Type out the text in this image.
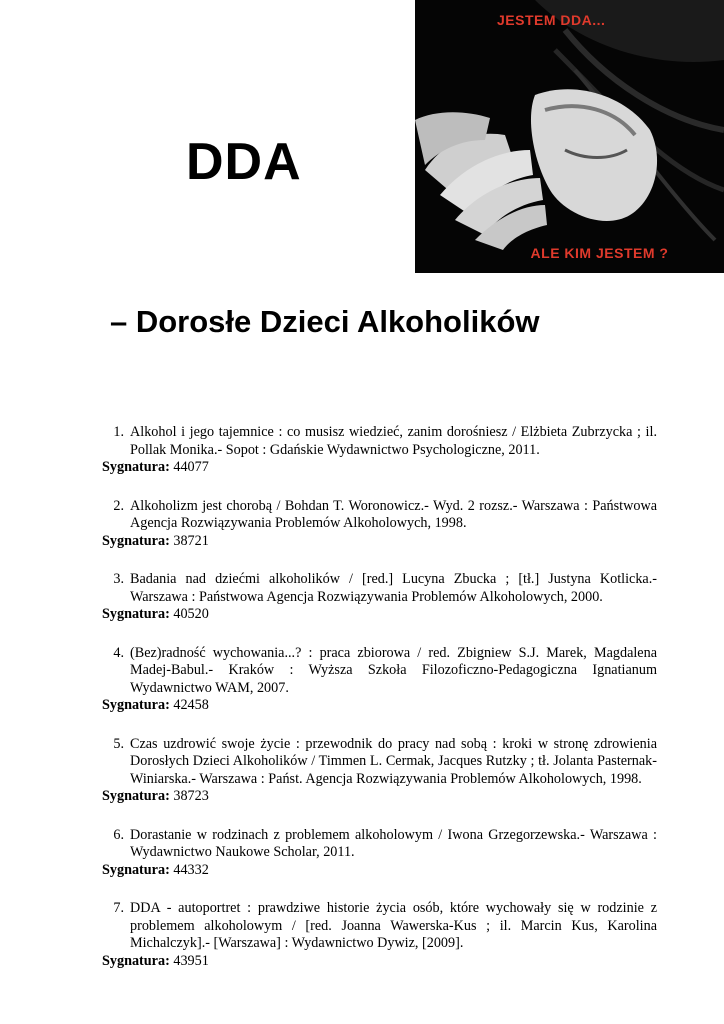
DDA
JESTEM DDA...
ALE KIM JESTEM ?
– Dorosłe Dzieci Alkoholików
1. Alkohol i jego tajemnice : co musisz wiedzieć, zanim dorośniesz / Elżbieta Zubrzycka ; il. Pollak Monika.- Sopot : Gdańskie Wydawnictwo Psychologiczne, 2011.
Sygnatura: 44077
2. Alkoholizm jest chorobą / Bohdan T. Woronowicz.- Wyd. 2 rozsz.- Warszawa : Państwowa Agencja Rozwiązywania Problemów Alkoholowych, 1998.
Sygnatura: 38721
3. Badania nad dziećmi alkoholików / [red.] Lucyna Zbucka ; [tł.] Justyna Kotlicka.- Warszawa : Państwowa Agencja Rozwiązywania Problemów Alkoholowych, 2000.
Sygnatura: 40520
4. (Bez)radność wychowania...? : praca zbiorowa / red. Zbigniew S.J. Marek, Magdalena Madej-Babul.- Kraków : Wyższa Szkoła Filozoficzno-Pedagogiczna Ignatianum Wydawnictwo WAM, 2007.
Sygnatura: 42458
5. Czas uzdrowić swoje życie : przewodnik do pracy nad sobą : kroki w stronę zdrowienia Dorosłych Dzieci Alkoholików / Timmen L. Cermak, Jacques Rutzky ; tł. Jolanta Pasternak-Winiarska.- Warszawa : Państ. Agencja Rozwiązywania Problemów Alkoholowych, 1998.
Sygnatura: 38723
6. Dorastanie w rodzinach z problemem alkoholowym / Iwona Grzegorzewska.- Warszawa : Wydawnictwo Naukowe Scholar, 2011.
Sygnatura: 44332
7. DDA - autoportret : prawdziwe historie życia osób, które wychowały się w rodzinie z problemem alkoholowym / [red. Joanna Wawerska-Kus ; il. Marcin Kus, Karolina Michalczyk].- [Warszawa] : Wydawnictwo Dywiz, [2009].
Sygnatura: 43951
